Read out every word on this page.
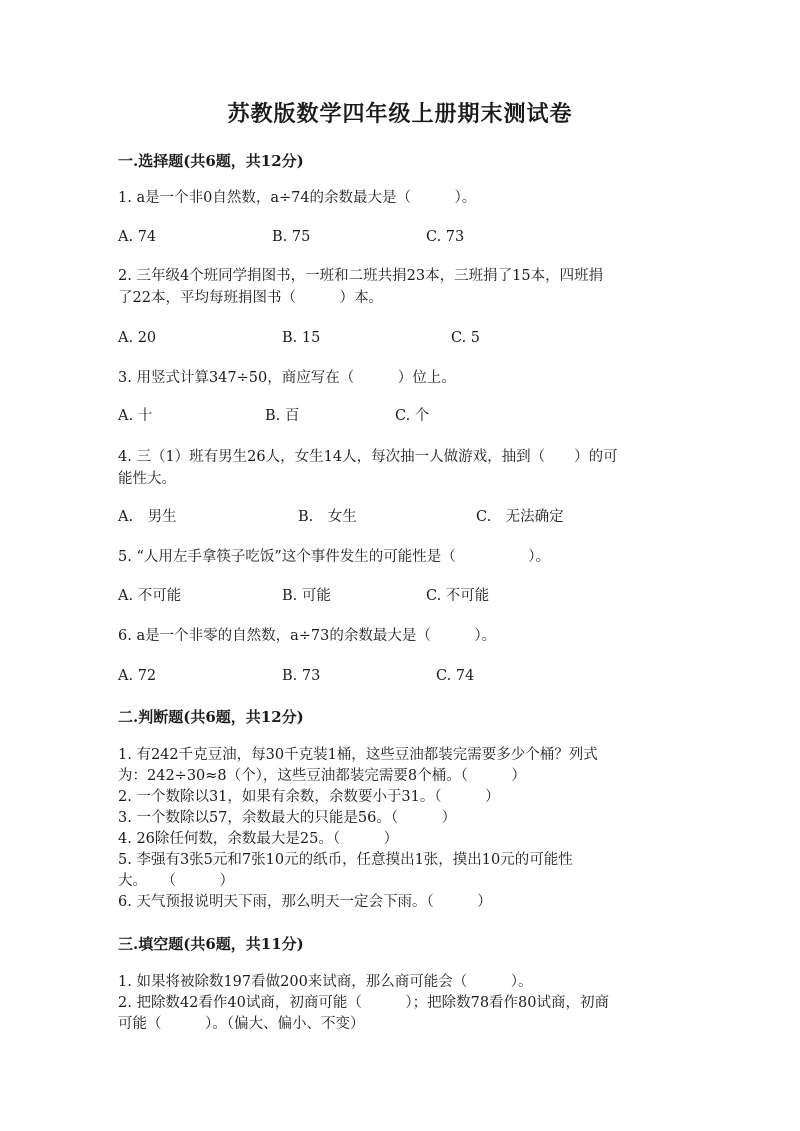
苏教版数学四年级上册期末测试卷
一.选择题(共6题，共12分)
1. a是一个非0自然数，a÷74的余数最大是（　　　）。
A. 74	B. 75	C. 73
2. 三年级4个班同学捐图书，一班和二班共捐23本，三班捐了15本，四班捐
了22本，平均每班捐图书（　　　）本。
A. 20	B. 15	C. 5
3. 用竖式计算347÷50，商应写在（　　　）位上。
A. 十	B. 百	C. 个
4. 三（1）班有男生26人，女生14人，每次抽一人做游戏，抽到（　　）的可
能性大。
A.　男生	B.　女生	C.　无法确定
5. “人用左手拿筷子吃饭”这个事件发生的可能性是（　　　　　）。
A. 不可能	B. 可能	C. 不可能
6. a是一个非零的自然数，a÷73的余数最大是（　　　）。
A. 72	B. 73	C. 74
二.判断题(共6题，共12分)
1. 有242千克豆油，每30千克装1桶，这些豆油都装完需要多少个桶？列式
为：242÷30≈8（个），这些豆油都装完需要8个桶。（　　　）
2. 一个数除以31，如果有余数，余数要小于31。（　　　）
3. 一个数除以57，余数最大的只能是56。（　　　）
4. 26除任何数，余数最大是25。（　　　）
5. 李强有3张5元和7张10元的纸币，任意摸出1张，摸出10元的可能性
大。　　（　　　）
6. 天气预报说明天下雨，那么明天一定会下雨。（　　　）
三.填空题(共6题，共11分)
1. 如果将被除数197看做200来试商，那么商可能会（　　　）。
2. 把除数42看作40试商，初商可能（　　　）；把除数78看作80试商，初商
可能（　　　）。（偏大、偏小、不变）
